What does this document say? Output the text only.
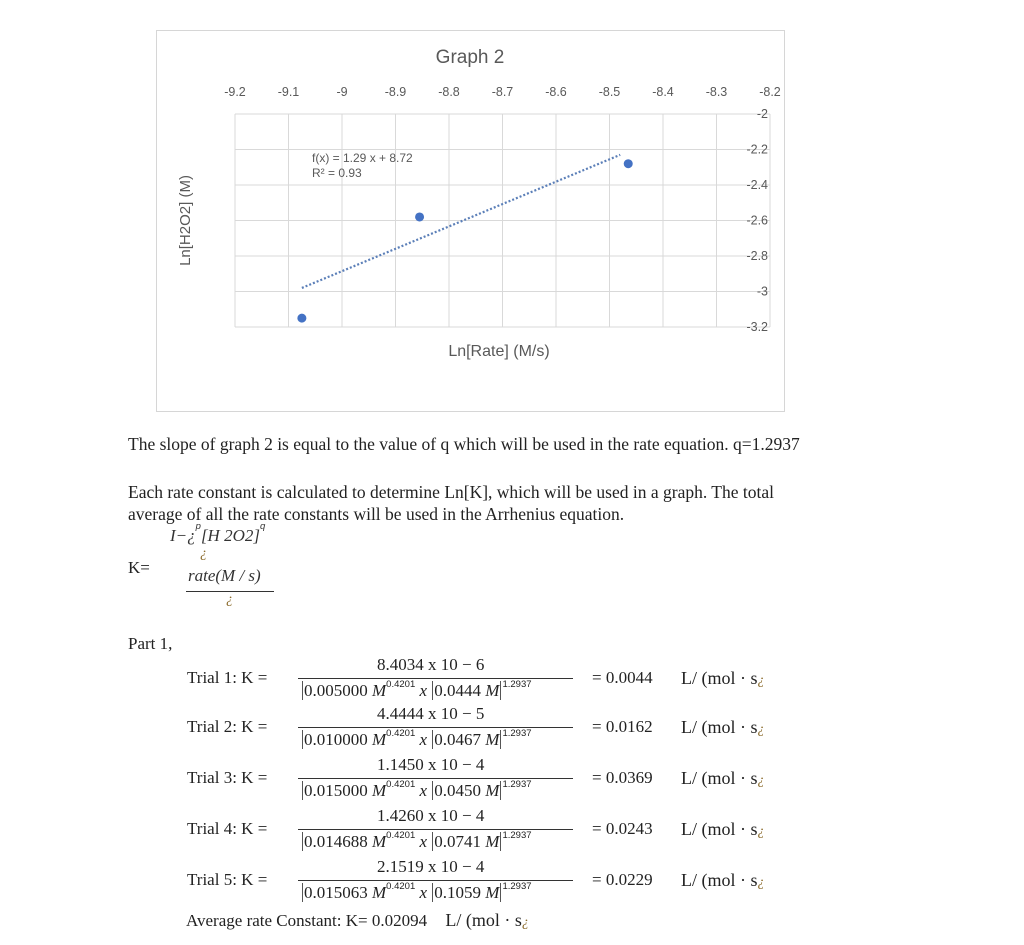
Graph 2
Ln[H2O2] (M)
Ln[Rate] (M/s)
-9.2	-9.1	-9	-8.9	-8.8	-8.7	-8.6	-8.5	-8.4	-8.3	-8.2
-2
-2.2
-2.4
-2.6
-2.8
-3
-3.2
f(x) = 1.29 x + 8.72
R² = 0.93
The slope of graph 2 is equal to the value of q which will be used in the rate equation. q=1.2937
Each rate constant is calculated to determine Ln[K], which will be used in a graph. The total
average of all the rate constants will be used in the Arrhenius equation.
I−¿$^p$[H 2O2]$^q$
¿
K= rate(M / s)
¿
Part 1,
Trial 1: K =
8.4034 x 10 − 6
0.005000 $M^{0.4201}$ x 0.0444 M $^{1.2937}$	= 0.0044 L/ (mol · s¿
Trial 2: K =
4.4444 x 10 − 5
0.010000 $M^{0.4201}$ x 0.0467 M $^{1.2937}$	= 0.0162 L/ (mol · s¿
Trial 3: K =
1.1450 x 10 − 4
0.015000 $M^{0.4201}$ x 0.0450 M $^{1.2937}$	= 0.0369 L/ (mol · s¿
Trial 4: K =
1.4260 x 10 − 4
0.014688 $M^{0.4201}$ x 0.0741 M $^{1.2937}$	= 0.0243 L/ (mol · s¿
Trial 5: K =
2.1519 x 10 − 4
0.015063 $M^{0.4201}$ x 0.1059 M $^{1.2937}$	= 0.0229 L/ (mol · s¿
Average rate Constant: K= 0.02094 L/ (mol · s¿
